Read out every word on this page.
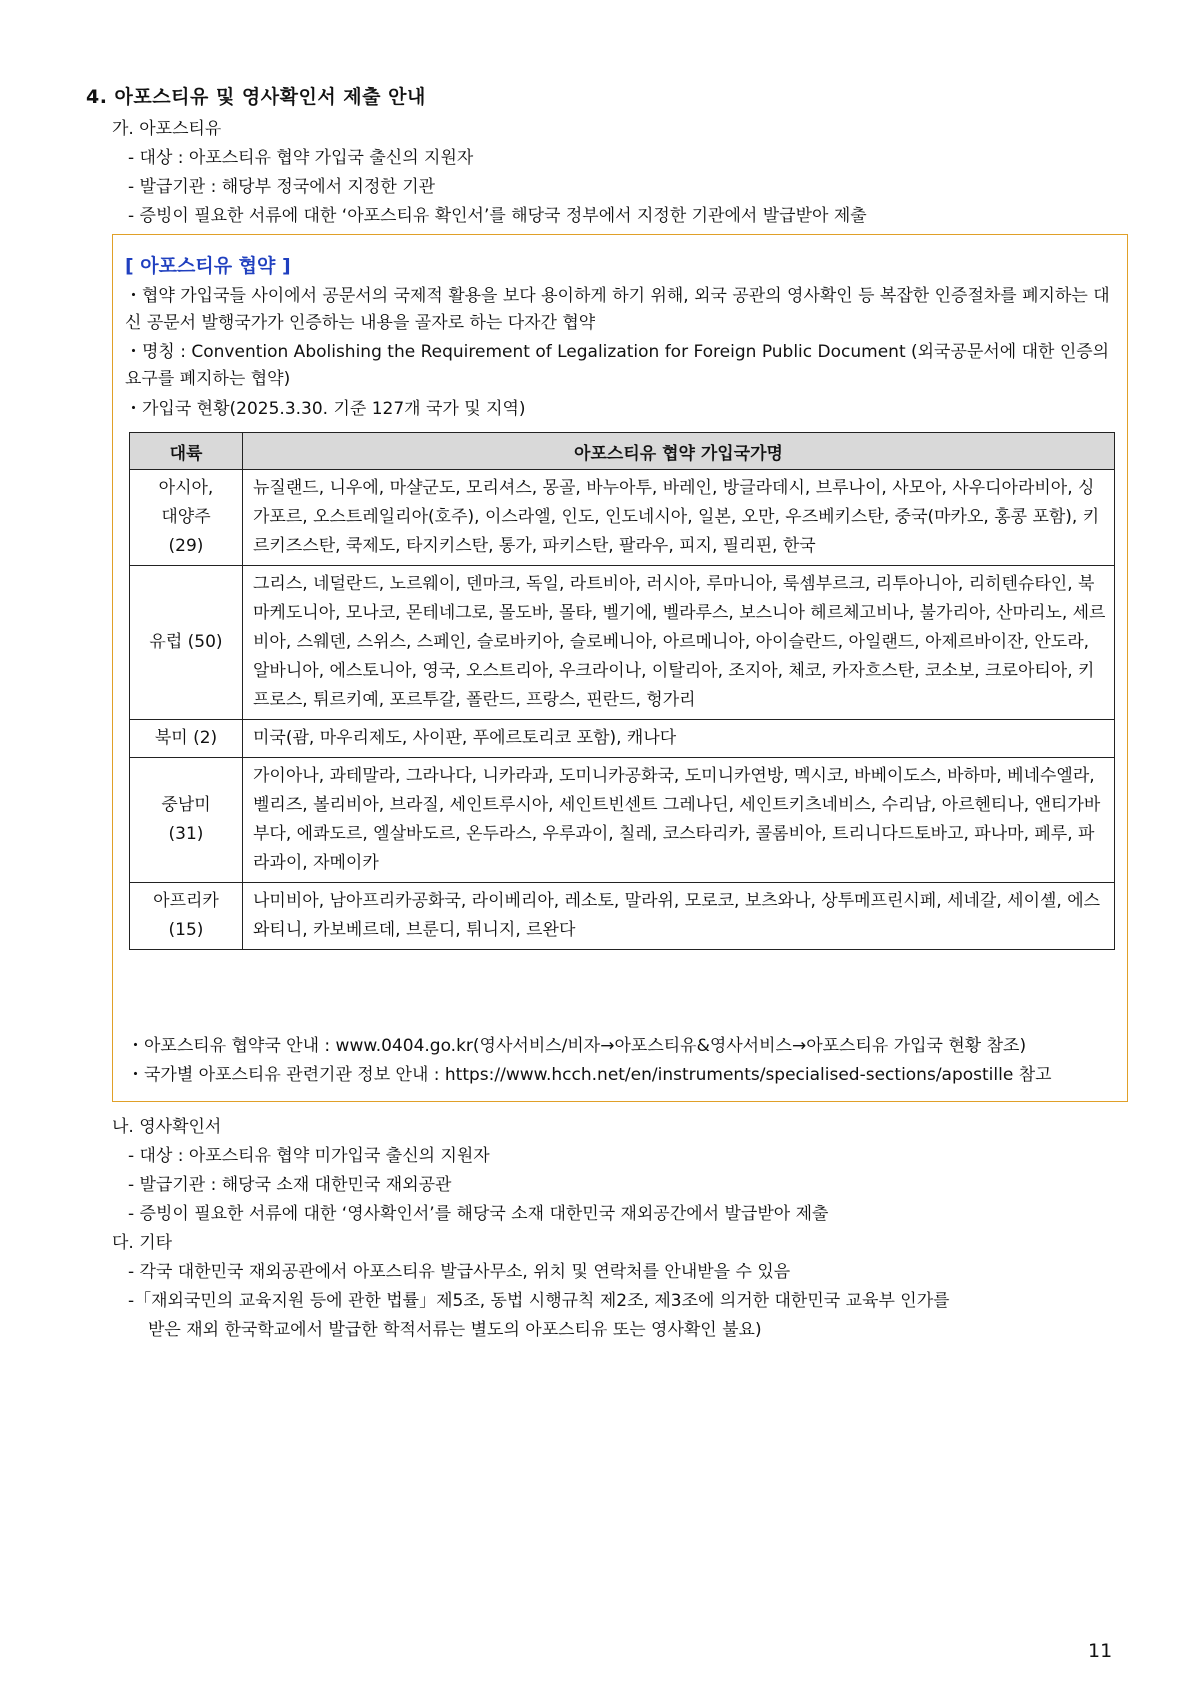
4. 아포스티유 및 영사확인서 제출 안내
가. 아포스티유
- 대상 : 아포스티유 협약 가입국 출신의 지원자
- 발급기관 : 해당부 정국에서 지정한 기관
- 증빙이 필요한 서류에 대한 ‘아포스티유 확인서’를 해당국 정부에서 지정한 기관에서 발급받아 제출
[ 아포스티유 협약 ]
・협약 가입국들 사이에서 공문서의 국제적 활용을 보다 용이하게 하기 위해, 외국 공관의 영사확인 등 복잡한 인증절차를 폐지하는 대신 공문서 발행국가가 인증하는 내용을 골자로 하는 다자간 협약
・명칭 : Convention Abolishing the Requirement of Legalization for Foreign Public Document (외국공문서에 대한 인증의 요구를 폐지하는 협약)
・가입국 현황(2025.3.30. 기준 127개 국가 및 지역)
대륙	아포스티유 협약 가입국가명
아시아,
대양주
(29)	뉴질랜드, 니우에, 마샬군도, 모리셔스, 몽골, 바누아투, 바레인, 방글라데시, 브루나이, 사모아, 사우디아라비아, 싱가포르, 오스트레일리아(호주), 이스라엘, 인도, 인도네시아, 일본, 오만, 우즈베키스탄, 중국(마카오, 홍콩 포함), 키르키즈스탄, 쿡제도, 타지키스탄, 통가, 파키스탄, 팔라우, 피지, 필리핀, 한국
유럽 (50)	그리스, 네덜란드, 노르웨이, 덴마크, 독일, 라트비아, 러시아, 루마니아, 룩셈부르크, 리투아니아, 리히텐슈타인, 북마케도니아, 모나코, 몬테네그로, 몰도바, 몰타, 벨기에, 벨라루스, 보스니아 헤르체고비나, 불가리아, 산마리노, 세르비아, 스웨덴, 스위스, 스페인, 슬로바키아, 슬로베니아, 아르메니아, 아이슬란드, 아일랜드, 아제르바이잔, 안도라, 알바니아, 에스토니아, 영국, 오스트리아, 우크라이나, 이탈리아, 조지아, 체코, 카자흐스탄, 코소보, 크로아티아, 키프로스, 튀르키예, 포르투갈, 폴란드, 프랑스, 핀란드, 헝가리
북미 (2)	미국(괌, 마우리제도, 사이판, 푸에르토리코 포함), 캐나다
중남미
(31)	가이아나, 과테말라, 그라나다, 니카라과, 도미니카공화국, 도미니카연방, 멕시코, 바베이도스, 바하마, 베네수엘라, 벨리즈, 볼리비아, 브라질, 세인트루시아, 세인트빈센트 그레나딘, 세인트키츠네비스, 수리남, 아르헨티나, 앤티가바부다, 에콰도르, 엘살바도르, 온두라스, 우루과이, 칠레, 코스타리카, 콜롬비아, 트리니다드토바고, 파나마, 페루, 파라과이, 자메이카
아프리카
(15)	나미비아, 남아프리카공화국, 라이베리아, 레소토, 말라위, 모로코, 보츠와나, 상투메프린시페, 세네갈, 세이셸, 에스와티니, 카보베르데, 브룬디, 튀니지, 르완다
・아포스티유 협약국 안내 : www.0404.go.kr(영사서비스/비자→아포스티유&영사서비스→아포스티유 가입국 현황 참조)
・국가별 아포스티유 관련기관 정보 안내 : https://www.hcch.net/en/instruments/specialised-sections/apostille 참고
나. 영사확인서
- 대상 : 아포스티유 협약 미가입국 출신의 지원자
- 발급기관 : 해당국 소재 대한민국 재외공관
- 증빙이 필요한 서류에 대한 ‘영사확인서’를 해당국 소재 대한민국 재외공간에서 발급받아 제출
다. 기타
- 각국 대한민국 재외공관에서 아포스티유 발급사무소, 위치 및 연락처를 안내받을 수 있음
-「재외국민의 교육지원 등에 관한 법률」제5조, 동법 시행규칙 제2조, 제3조에 의거한 대한민국 교육부 인가를
받은 재외 한국학교에서 발급한 학적서류는 별도의 아포스티유 또는 영사확인 불요)
11
